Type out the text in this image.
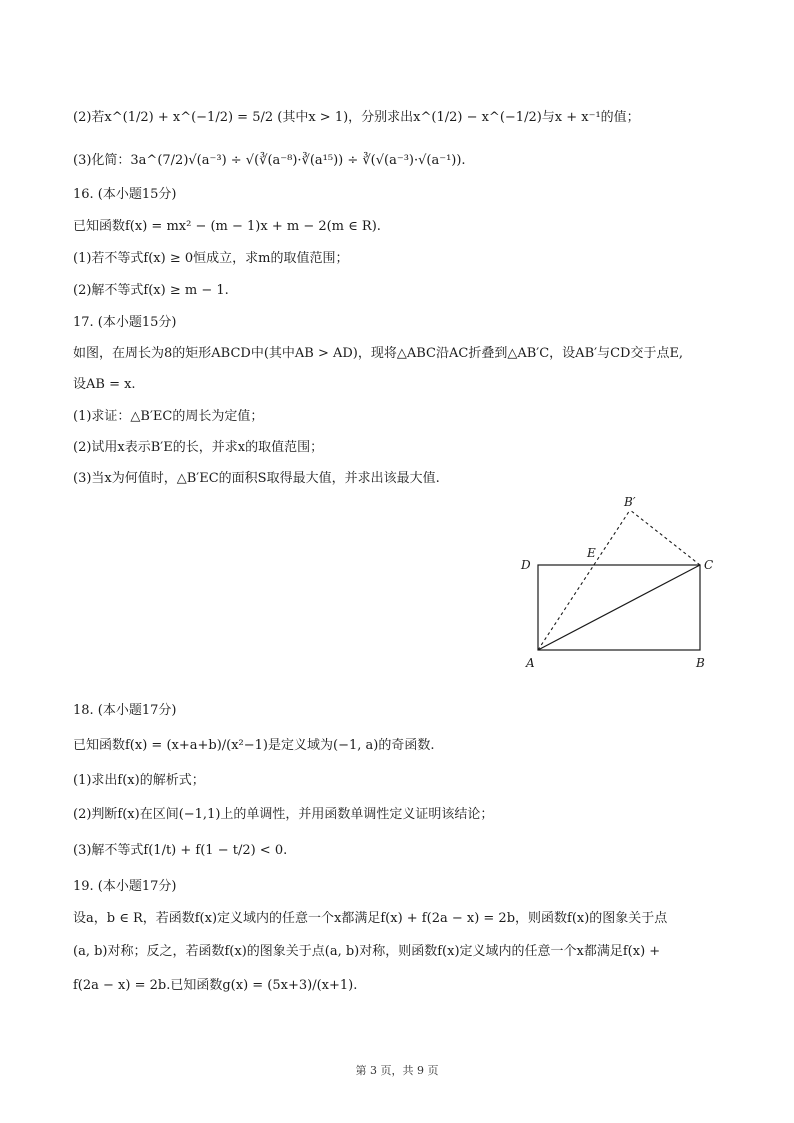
(2)若x^(1/2) + x^(−1/2) = 5/2 (其中x > 1)，分别求出x^(1/2) − x^(−1/2)与x + x⁻¹的值；
(3)化简：3a^(7/2)√(a⁻³) ÷ √(∛(a⁻⁸)·∛(a¹⁵)) ÷ ∛(√(a⁻³)·√(a⁻¹)).
16. (本小题15分)
已知函数f(x) = mx² − (m − 1)x + m − 2(m ∈ R).
(1)若不等式f(x) ≥ 0恒成立，求m的取值范围；
(2)解不等式f(x) ≥ m − 1.
17. (本小题15分)
如图，在周长为8的矩形ABCD中(其中AB > AD)，现将△ABC沿AC折叠到△AB′C，设AB′与CD交于点E,
设AB = x.
(1)求证：△B′EC的周长为定值；
(2)试用x表示B′E的长，并求x的取值范围；
(3)当x为何值时，△B′EC的面积S取得最大值，并求出该最大值.
A	B
C
D
E
B′
18. (本小题17分)
已知函数f(x) = (x+a+b)/(x²−1)是定义域为(−1, a)的奇函数.
(1)求出f(x)的解析式；
(2)判断f(x)在区间(−1,1)上的单调性，并用函数单调性定义证明该结论；
(3)解不等式f(1/t) + f(1 − t/2) < 0.
19. (本小题17分)
设a，b ∈ R，若函数f(x)定义域内的任意一个x都满足f(x) + f(2a − x) = 2b，则函数f(x)的图象关于点
(a, b)对称；反之，若函数f(x)的图象关于点(a, b)对称，则函数f(x)定义域内的任意一个x都满足f(x) +
f(2a − x) = 2b.已知函数g(x) = (5x+3)/(x+1).
第 3 页，共 9 页
